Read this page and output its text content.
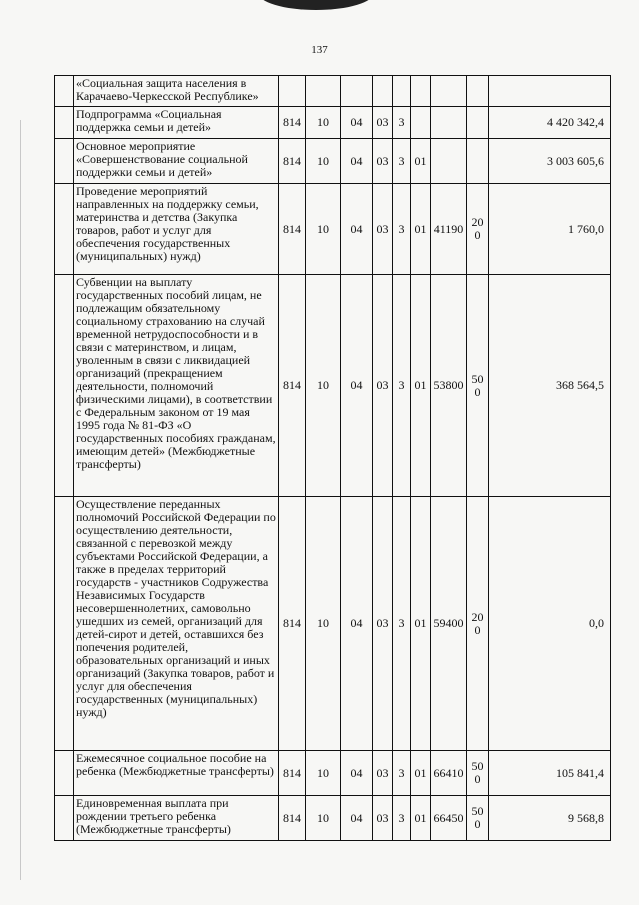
137
	«Социальная защита населения в Карачаево-Черкесской Республике»									
	Подпрограмма «Социальная поддержка семьи и детей»	814	10	04	03	3				4 420 342,4
	Основное мероприятие «Совершенствование социальной поддержки семьи и детей»	814	10	04	03	3	01			3 003 605,6
	Проведение мероприятий направленных на поддержку семьи, материнства и детства (Закупка товаров, работ и услуг для обеспечения государственных (муниципальных) нужд)	814	10	04	03	3	01	41190	200	1 760,0
	Субвенции на выплату государственных пособий лицам, не подлежащим обязательному социальному страхованию на случай временной нетрудоспособности и в связи с материнством, и лицам, уволенным в связи с ликвидацией организаций (прекращением деятельности, полномочий физическими лицами), в соответствии с Федеральным законом от 19 мая 1995 года № 81-ФЗ «О государственных пособиях гражданам, имеющим детей» (Межбюджетные трансферты)	814	10	04	03	3	01	53800	500	368 564,5
	Осуществление переданных полномочий Российской Федерации по осуществлению деятельности, связанной с перевозкой между субъектами Российской Федерации, а также в пределах территорий государств - участников Содружества Независимых Государств несовершеннолетних, самовольно ушедших из семей, организаций для детей-сирот и детей, оставшихся без попечения родителей, образовательных организаций и иных организаций (Закупка товаров, работ и услуг для обеспечения государственных (муниципальных) нужд)	814	10	04	03	3	01	59400	200	0,0
	Ежемесячное социальное пособие на ребенка (Межбюджетные трансферты)	814	10	04	03	3	01	66410	500	105 841,4
	Единовременная выплата при рождении третьего ребенка (Межбюджетные трансферты)	814	10	04	03	3	01	66450	500	9 568,8
